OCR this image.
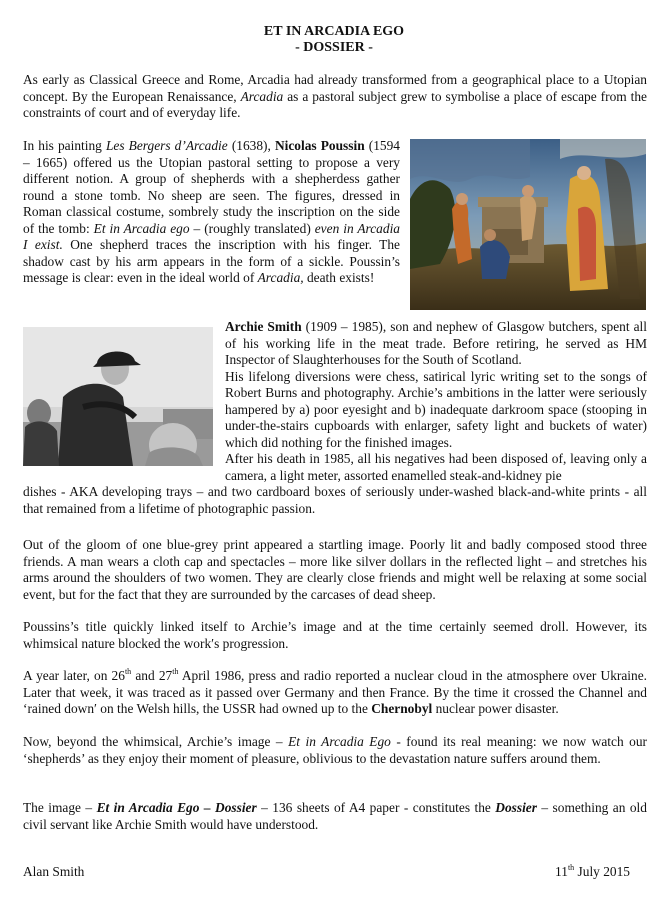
ET IN ARCADIA EGO
- DOSSIER -

As early as Classical Greece and Rome, Arcadia had already transformed from a geographical place to a Utopian concept. By the European Renaissance, Arcadia as a pastoral subject grew to symbolise a place of escape from the constraints of court and of everyday life.

In his painting Les Bergers d’Arcadie (1638), Nicolas Poussin (1594 – 1665) offered us the Utopian pastoral setting to propose a very different notion. A group of shepherds with a shepherdess gather round a stone tomb. No sheep are seen. The figures, dressed in Roman classical costume, sombrely study the inscription on the side of the tomb: Et in Arcadia ego – (roughly translated) even in Arcadia I exist. One shepherd traces the inscription with his finger. The shadow cast by his arm appears in the form of a sickle. Poussin’s message is clear: even in the ideal world of Arcadia, death exists!

Archie Smith (1909 – 1985), son and nephew of Glasgow butchers, spent all of his working life in the meat trade. Before retiring, he served as HM Inspector of Slaughterhouses for the South of Scotland.

His lifelong diversions were chess, satirical lyric writing set to the songs of Robert Burns and photography. Archie’s ambitions in the latter were seriously hampered by a) poor eyesight and b) inadequate darkroom space (stooping in under-the-stairs cupboards with enlarger, safety light and buckets of water) which did nothing for the finished images.

After his death in 1985, all his negatives had been disposed of, leaving only a camera, a light meter, assorted enamelled steak-and-kidney pie

dishes - AKA developing trays – and two cardboard boxes of seriously under-washed black-and-white prints - all that remained from a lifetime of photographic passion.

Out of the gloom of one blue-grey print appeared a startling image. Poorly lit and badly composed stood three friends. A man wears a cloth cap and spectacles – more like silver dollars in the reflected light – and stretches his arms around the shoulders of two women. They are clearly close friends and might well be relaxing at some social event, but for the fact that they are surrounded by the carcases of dead sheep.

Poussins’s title quickly linked itself to Archie’s image and at the time certainly seemed droll. However, its whimsical nature blocked the work′s progression.

A year later, on 26th and 27th April 1986, press and radio reported a nuclear cloud in the atmosphere over Ukraine. Later that week, it was traced as it passed over Germany and then France. By the time it crossed the Channel and ‘rained down′ on the Welsh hills, the USSR had owned up to the Chernobyl nuclear power disaster.

Now, beyond the whimsical, Archie’s image – Et in Arcadia Ego - found its real meaning: we now watch our ‘shepherds’ as they enjoy their moment of pleasure, oblivious to the devastation nature suffers around them.

The image – Et in Arcadia Ego – Dossier – 136 sheets of A4 paper - constitutes the Dossier – something an old civil servant like Archie Smith would have understood.

Alan Smith	11th July 2015
